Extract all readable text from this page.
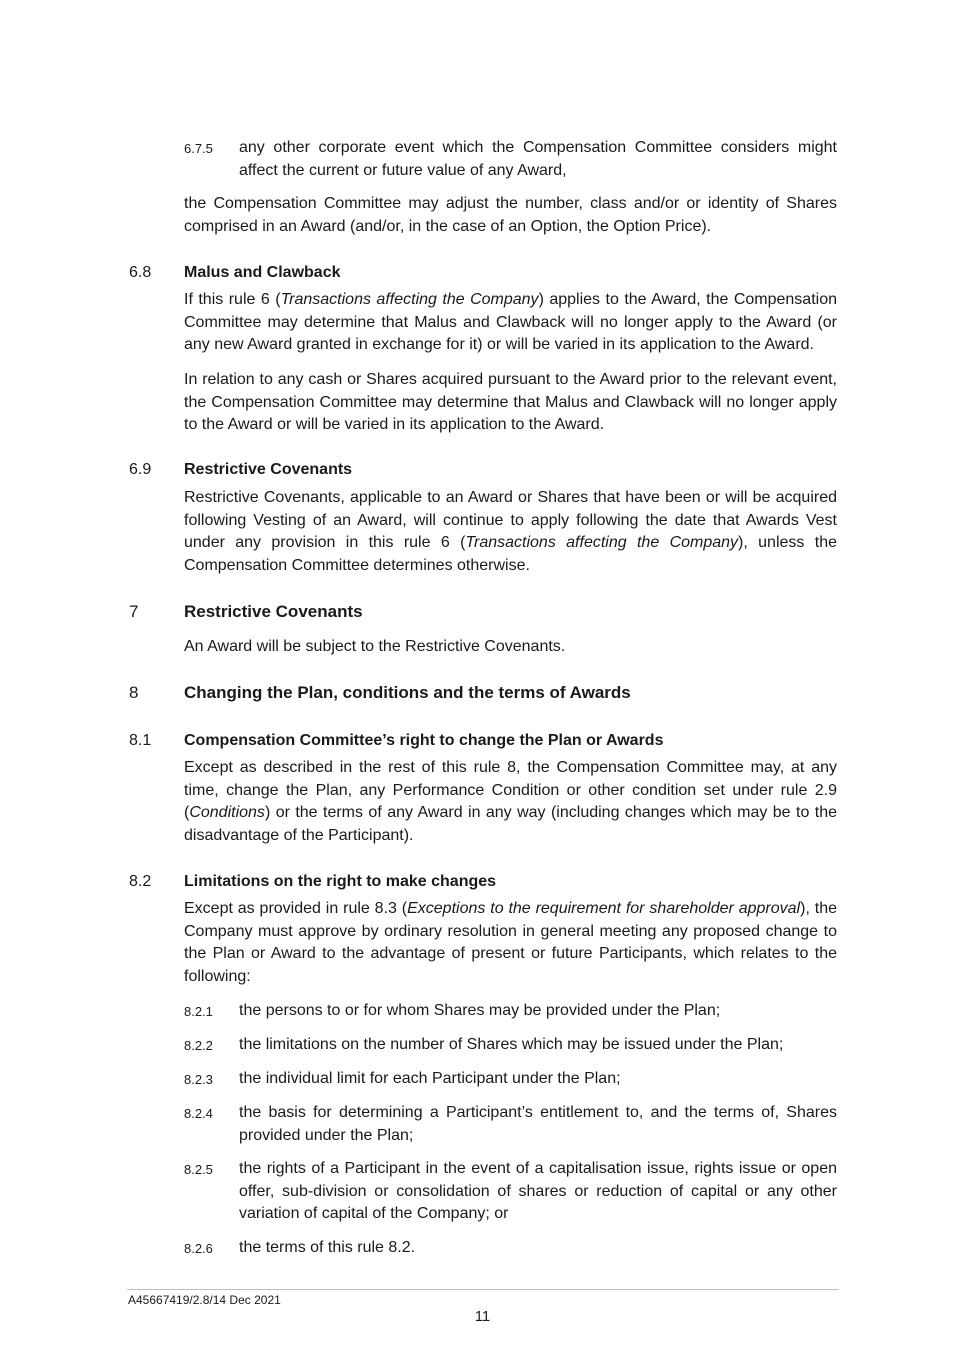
6.7.5 any other corporate event which the Compensation Committee considers might affect the current or future value of any Award,

the Compensation Committee may adjust the number, class and/or or identity of Shares comprised in an Award (and/or, in the case of an Option, the Option Price).

6.8 Malus and Clawback

If this rule 6 (Transactions affecting the Company) applies to the Award, the Compensation Committee may determine that Malus and Clawback will no longer apply to the Award (or any new Award granted in exchange for it) or will be varied in its application to the Award.

In relation to any cash or Shares acquired pursuant to the Award prior to the relevant event, the Compensation Committee may determine that Malus and Clawback will no longer apply to the Award or will be varied in its application to the Award.

6.9 Restrictive Covenants

Restrictive Covenants, applicable to an Award or Shares that have been or will be acquired following Vesting of an Award, will continue to apply following the date that Awards Vest under any provision in this rule 6 (Transactions affecting the Company), unless the Compensation Committee determines otherwise.

7	Restrictive Covenants

An Award will be subject to the Restrictive Covenants.

8	Changing the Plan, conditions and the terms of Awards
8.1 Compensation Committee’s right to change the Plan or Awards

Except as described in the rest of this rule 8, the Compensation Committee may, at any time, change the Plan, any Performance Condition or other condition set under rule 2.9 (Conditions) or the terms of any Award in any way (including changes which may be to the disadvantage of the Participant).

8.2 Limitations on the right to make changes

Except as provided in rule 8.3 (Exceptions to the requirement for shareholder approval), the Company must approve by ordinary resolution in general meeting any proposed change to the Plan or Award to the advantage of present or future Participants, which relates to the following:

8.2.1 the persons to or for whom Shares may be provided under the Plan;
8.2.2 the limitations on the number of Shares which may be issued under the Plan;
8.2.3 the individual limit for each Participant under the Plan;
8.2.4 the basis for determining a Participant’s entitlement to, and the terms of, Shares provided under the Plan;
8.2.5 the rights of a Participant in the event of a capitalisation issue, rights issue or open offer, sub-division or consolidation of shares or reduction of capital or any other variation of capital of the Company; or
8.2.6 the terms of this rule 8.2.
A45667419/2.8/14 Dec 2021
11
